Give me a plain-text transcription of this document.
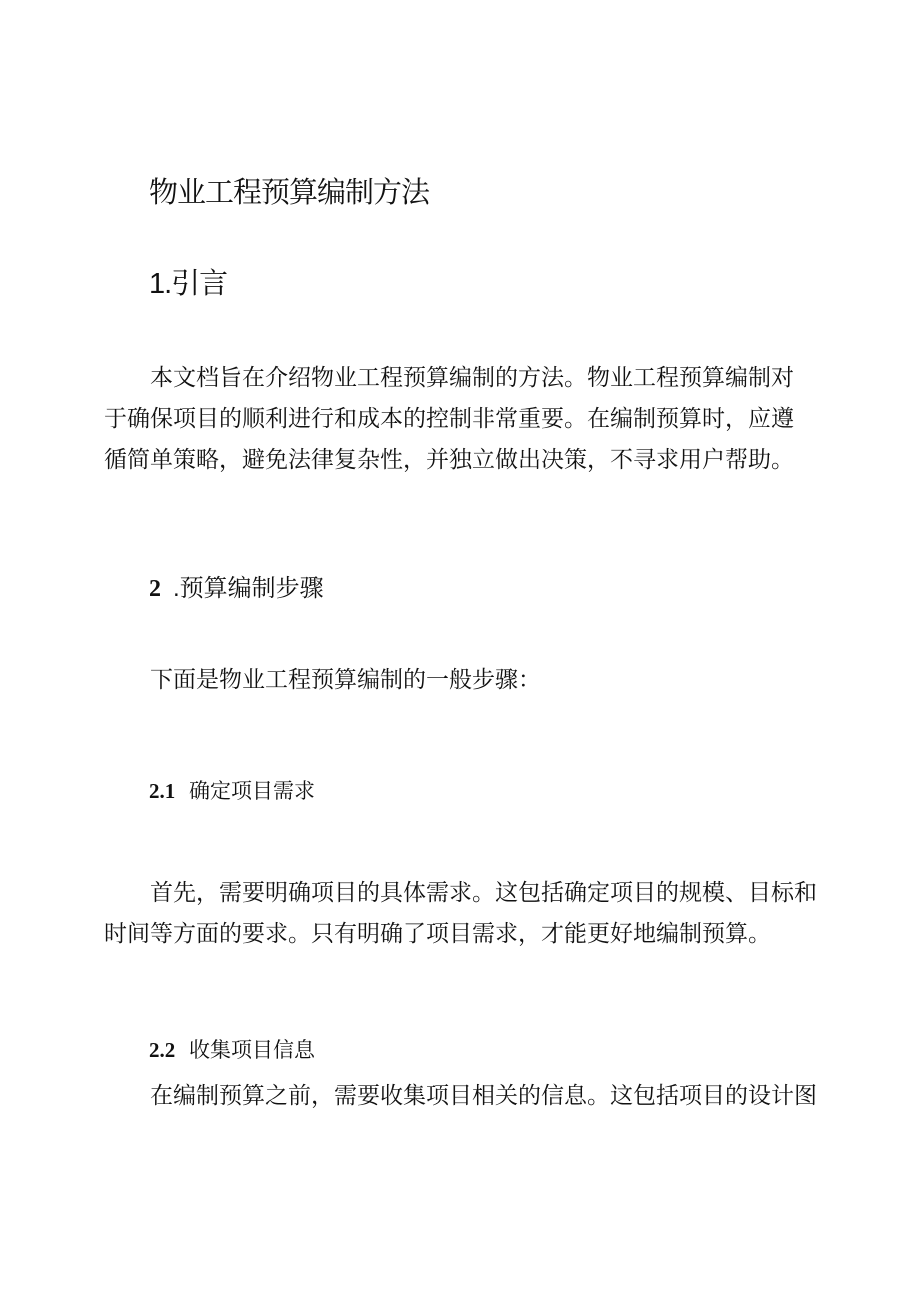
物业工程预算编制方法
1.引言
本文档旨在介绍物业工程预算编制的方法。物业工程预算编制对
于确保项目的顺利进行和成本的控制非常重要。在编制预算时，应遵
循简单策略，避免法律复杂性，并独立做出决策，不寻求用户帮助。
2 .预算编制步骤
下面是物业工程预算编制的一般步骤：
2.1 确定项目需求
首先，需要明确项目的具体需求。这包括确定项目的规模、目标和
时间等方面的要求。只有明确了项目需求，才能更好地编制预算。
2.2 收集项目信息
在编制预算之前，需要收集项目相关的信息。这包括项目的设计图
